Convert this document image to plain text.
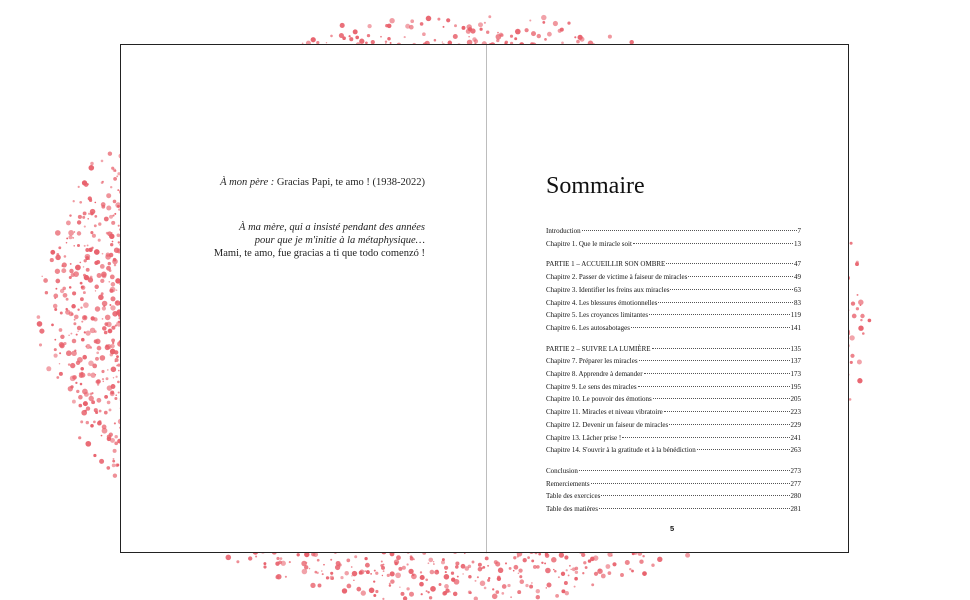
À mon père : Gracias Papi, te amo ! (1938-2022)
À ma mère, qui a insisté pendant des années
pour que je m'initie à la métaphysique…
Mami, te amo, fue gracias a ti que todo comenzó !
Sommaire
Introduction	7
Chapitre 1. Que le miracle soit	13
PARTIE 1 – ACCUEILLIR SON OMBRE	47
Chapitre 2. Passer de victime à faiseur de miracles	49
Chapitre 3. Identifier les freins aux miracles	63
Chapitre 4. Les blessures émotionnelles	83
Chapitre 5. Les croyances limitantes	119
Chapitre 6. Les autosabotages	141
PARTIE 2 – SUIVRE LA LUMIÈRE	135
Chapitre 7. Préparer les miracles	137
Chapitre 8. Apprendre à demander	173
Chapitre 9. Le sens des miracles	195
Chapitre 10. Le pouvoir des émotions	205
Chapitre 11. Miracles et niveau vibratoire	223
Chapitre 12. Devenir un faiseur de miracles	229
Chapitre 13. Lâcher prise !	241
Chapitre 14. S'ouvrir à la gratitude et à la bénédiction	263
Conclusion	273
Remerciements	277
Table des exercices	280
Table des matières	281
5
